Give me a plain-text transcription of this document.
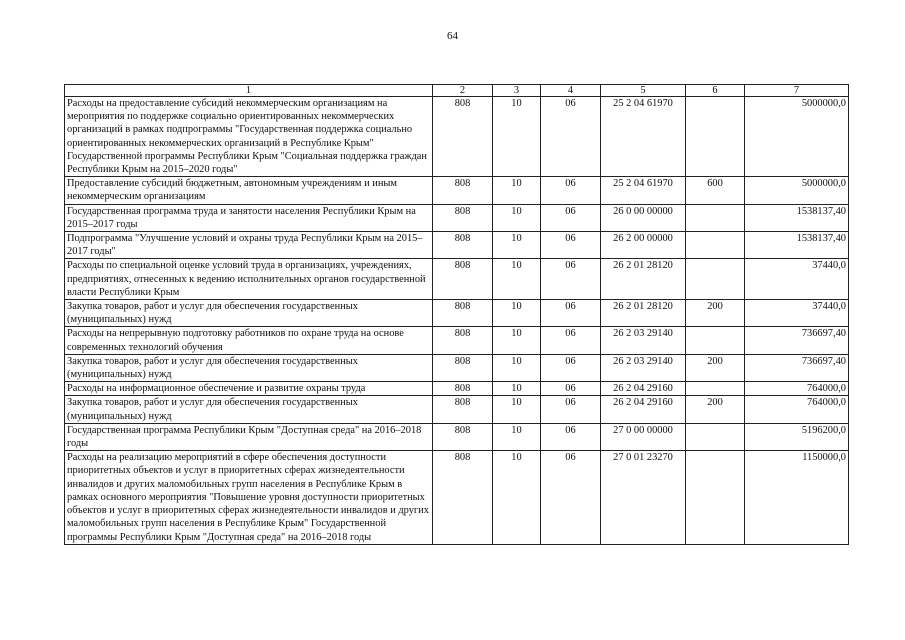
64
1	2	3	4	5	6	7
Расходы на предоставление субсидий некоммерческим организациям на мероприятия по поддержке социально ориентированных некоммерческих организаций в рамках подпрограммы "Государственная поддержка социально ориентированных некоммерческих организаций в Республике Крым" Государственной программы Республики Крым "Социальная поддержка граждан Республики Крым на 2015–2020 годы"	808	10	06	25 2 04 61970		5000000,0
Предоставление субсидий бюджетным, автономным учреждениям и иным некоммерческим организациям	808	10	06	25 2 04 61970	600	5000000,0
Государственная программа труда и занятости населения Республики Крым на 2015–2017 годы	808	10	06	26 0 00 00000		1538137,40
Подпрограмма "Улучшение условий и охраны труда Республики Крым на 2015–2017 годы"	808	10	06	26 2 00 00000		1538137,40
Расходы по специальной оценке условий труда в организациях, учреждениях, предприятиях, отнесенных к ведению исполнительных органов государственной власти Республики Крым	808	10	06	26 2 01 28120		37440,0
Закупка товаров, работ и услуг для обеспечения государственных (муниципальных) нужд	808	10	06	26 2 01 28120	200	37440,0
Расходы на непрерывную подготовку работников по охране труда на основе современных технологий обучения	808	10	06	26 2 03 29140		736697,40
Закупка товаров, работ и услуг для обеспечения государственных (муниципальных) нужд	808	10	06	26 2 03 29140	200	736697,40
Расходы на информационное обеспечение и развитие охраны труда	808	10	06	26 2 04 29160		764000,0
Закупка товаров, работ и услуг для обеспечения государственных (муниципальных) нужд	808	10	06	26 2 04 29160	200	764000,0
Государственная программа Республики Крым "Доступная среда" на 2016–2018 годы	808	10	06	27 0 00 00000		5196200,0
Расходы на реализацию мероприятий в сфере обеспечения доступности приоритетных объектов и услуг в приоритетных сферах жизнедеятельности инвалидов и других маломобильных групп населения в Республике Крым в рамках основного мероприятия "Повышение уровня доступности приоритетных объектов и услуг в приоритетных сферах жизнедеятельности инвалидов и других маломобильных групп населения в Республике Крым" Государственной программы Республики Крым "Доступная среда" на 2016–2018 годы	808	10	06	27 0 01 23270		1150000,0
